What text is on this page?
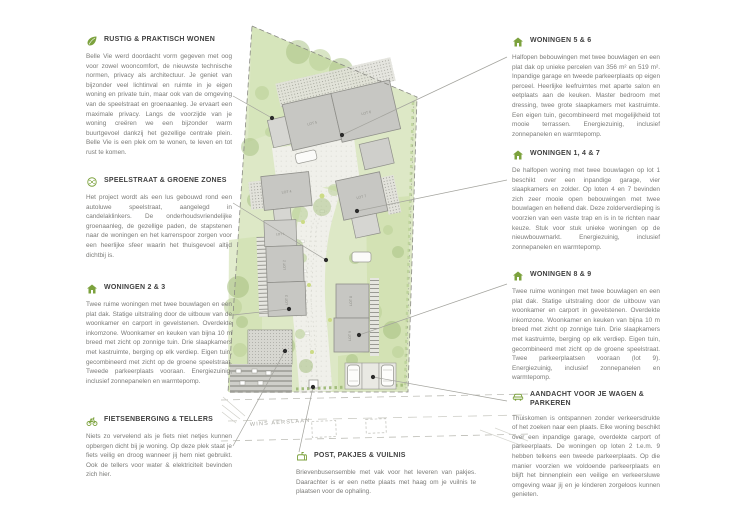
WINS AERSLAAN
LOT 5
LOT 6
LOT 4
LOT 7
LOT 1
LOT 2
LOT 3	LOT 8
LOT 9
RUSTIG & PRAKTISCH WONEN

Belle Vie werd doordacht vorm gegeven met oog voor zowel wooncomfort, de nieuwste technische normen, privacy als architectuur. Je geniet van bijzonder veel lichtinval en ruimte in je eigen woning en private tuin, maar ook van de omgeving van de speelstraat en groenaanleg. Je ervaart een maximale privacy. Langs de voorzijde van je woning creëren we een bijzonder warm buurtgevoel dankzij het gezellige centrale plein. Belle Vie is een plek om te wonen, te leven en tot rust te komen.

SPEELSTRAAT & GROENE ZONES

Het project wordt als een lus gebouwd rond een autoluwe speelstraat, aangelegd in candelaklinkers. De onderhoudsvriendelijke groenaanleg, de gezellige paden, de stapstenen naar de woningen en het karrenspoor zorgen voor een heerlijke sfeer waarin het thuisgevoel altijd dichtbij is.

WONINGEN 2 & 3

Twee ruime woningen met twee bouwlagen en een plat dak. Statige uitstraling door de uitbouw van de woonkamer en carport in gevelstenen. Overdekte inkomzone. Woonkamer en keuken van bijna 10 m breed met zicht op zonnige tuin. Drie slaapkamers met kastruimte, berging op elk verdiep. Eigen tuin, gecombineerd met zicht op de groene speelstraat. Tweede parkeerplaats vooraan. Energiezuinig, inclusief zonnepanelen en warmtepomp.

FIETSENBERGING & TELLERS

Niets zo vervelend als je fiets niet netjes kunnen opbergen dicht bij je woning. Op deze plek staat je fiets veilig en droog wanneer jij hem niet gebruikt. Ook de tellers voor water & elektriciteit bevinden zich hier.

WONINGEN 5 & 6

Halfopen bebouwingen met twee bouwlagen en een plat dak op unieke percelen van 356 m² en 519 m². Inpandige garage en tweede parkeerplaats op eigen perceel. Heerlijke leefruimtes met aparte salon en eetplaats aan de keuken. Master bedroom met dressing, twee grote slaapkamers met kastruimte. Een eigen tuin, gecombineerd met mogelijkheid tot mooie terrassen. Energiezuinig, inclusief zonnepanelen en warmtepomp.

WONINGEN 1, 4 & 7

De halfopen woning met twee bouwlagen op lot 1 beschikt over een inpandige garage, vier slaapkamers en zolder. Op loten 4 en 7 bevinden zich zeer mooie open bebouwingen met twee bouwlagen en hellend dak. Deze zolderverdieping is voorzien van een vaste trap en is in te richten naar keuze. Stuk voor stuk unieke woningen op de nieuwbouwmarkt. Energiezuinig, inclusief zonnepanelen en warmtepomp.

WONINGEN 8 & 9

Twee ruime woningen met twee bouwlagen en een plat dak. Statige uitstraling door de uitbouw van woonkamer en carport in gevelstenen. Overdekte inkomzone. Woonkamer en keuken van bijna 10 m breed met zicht op zonnige tuin. Drie slaapkamers met kastruimte, berging op elk verdiep. Eigen tuin, gecombineerd met zicht op de groene speelstraat. Twee parkeerplaatsen vooraan (lot 9). Energiezuinig, inclusief zonnepanelen en warmtepomp.

AANDACHT VOOR JE WAGEN & PARKEREN

Thuiskomen is ontspannen zonder verkeersdrukte of het zoeken naar een plaats. Elke woning beschikt over een inpandige garage, overdekte carport of parkeerplaats. De woningen op loten 2 t.e.m. 9 hebben telkens een tweede parkeerplaats. Op die manier voorzien we voldoende parkeerplaats en blijft het binnenplein een veilige en verkeersluwe omgeving waar jij en je kinderen zorgeloos kunnen genieten.

POST, PAKJES & VUILNIS

Brievenbusensemble met vak voor het leveren van pakjes. Daarachter is er een nette plaats met haag om je vuilnis te plaatsen voor de ophaling.
